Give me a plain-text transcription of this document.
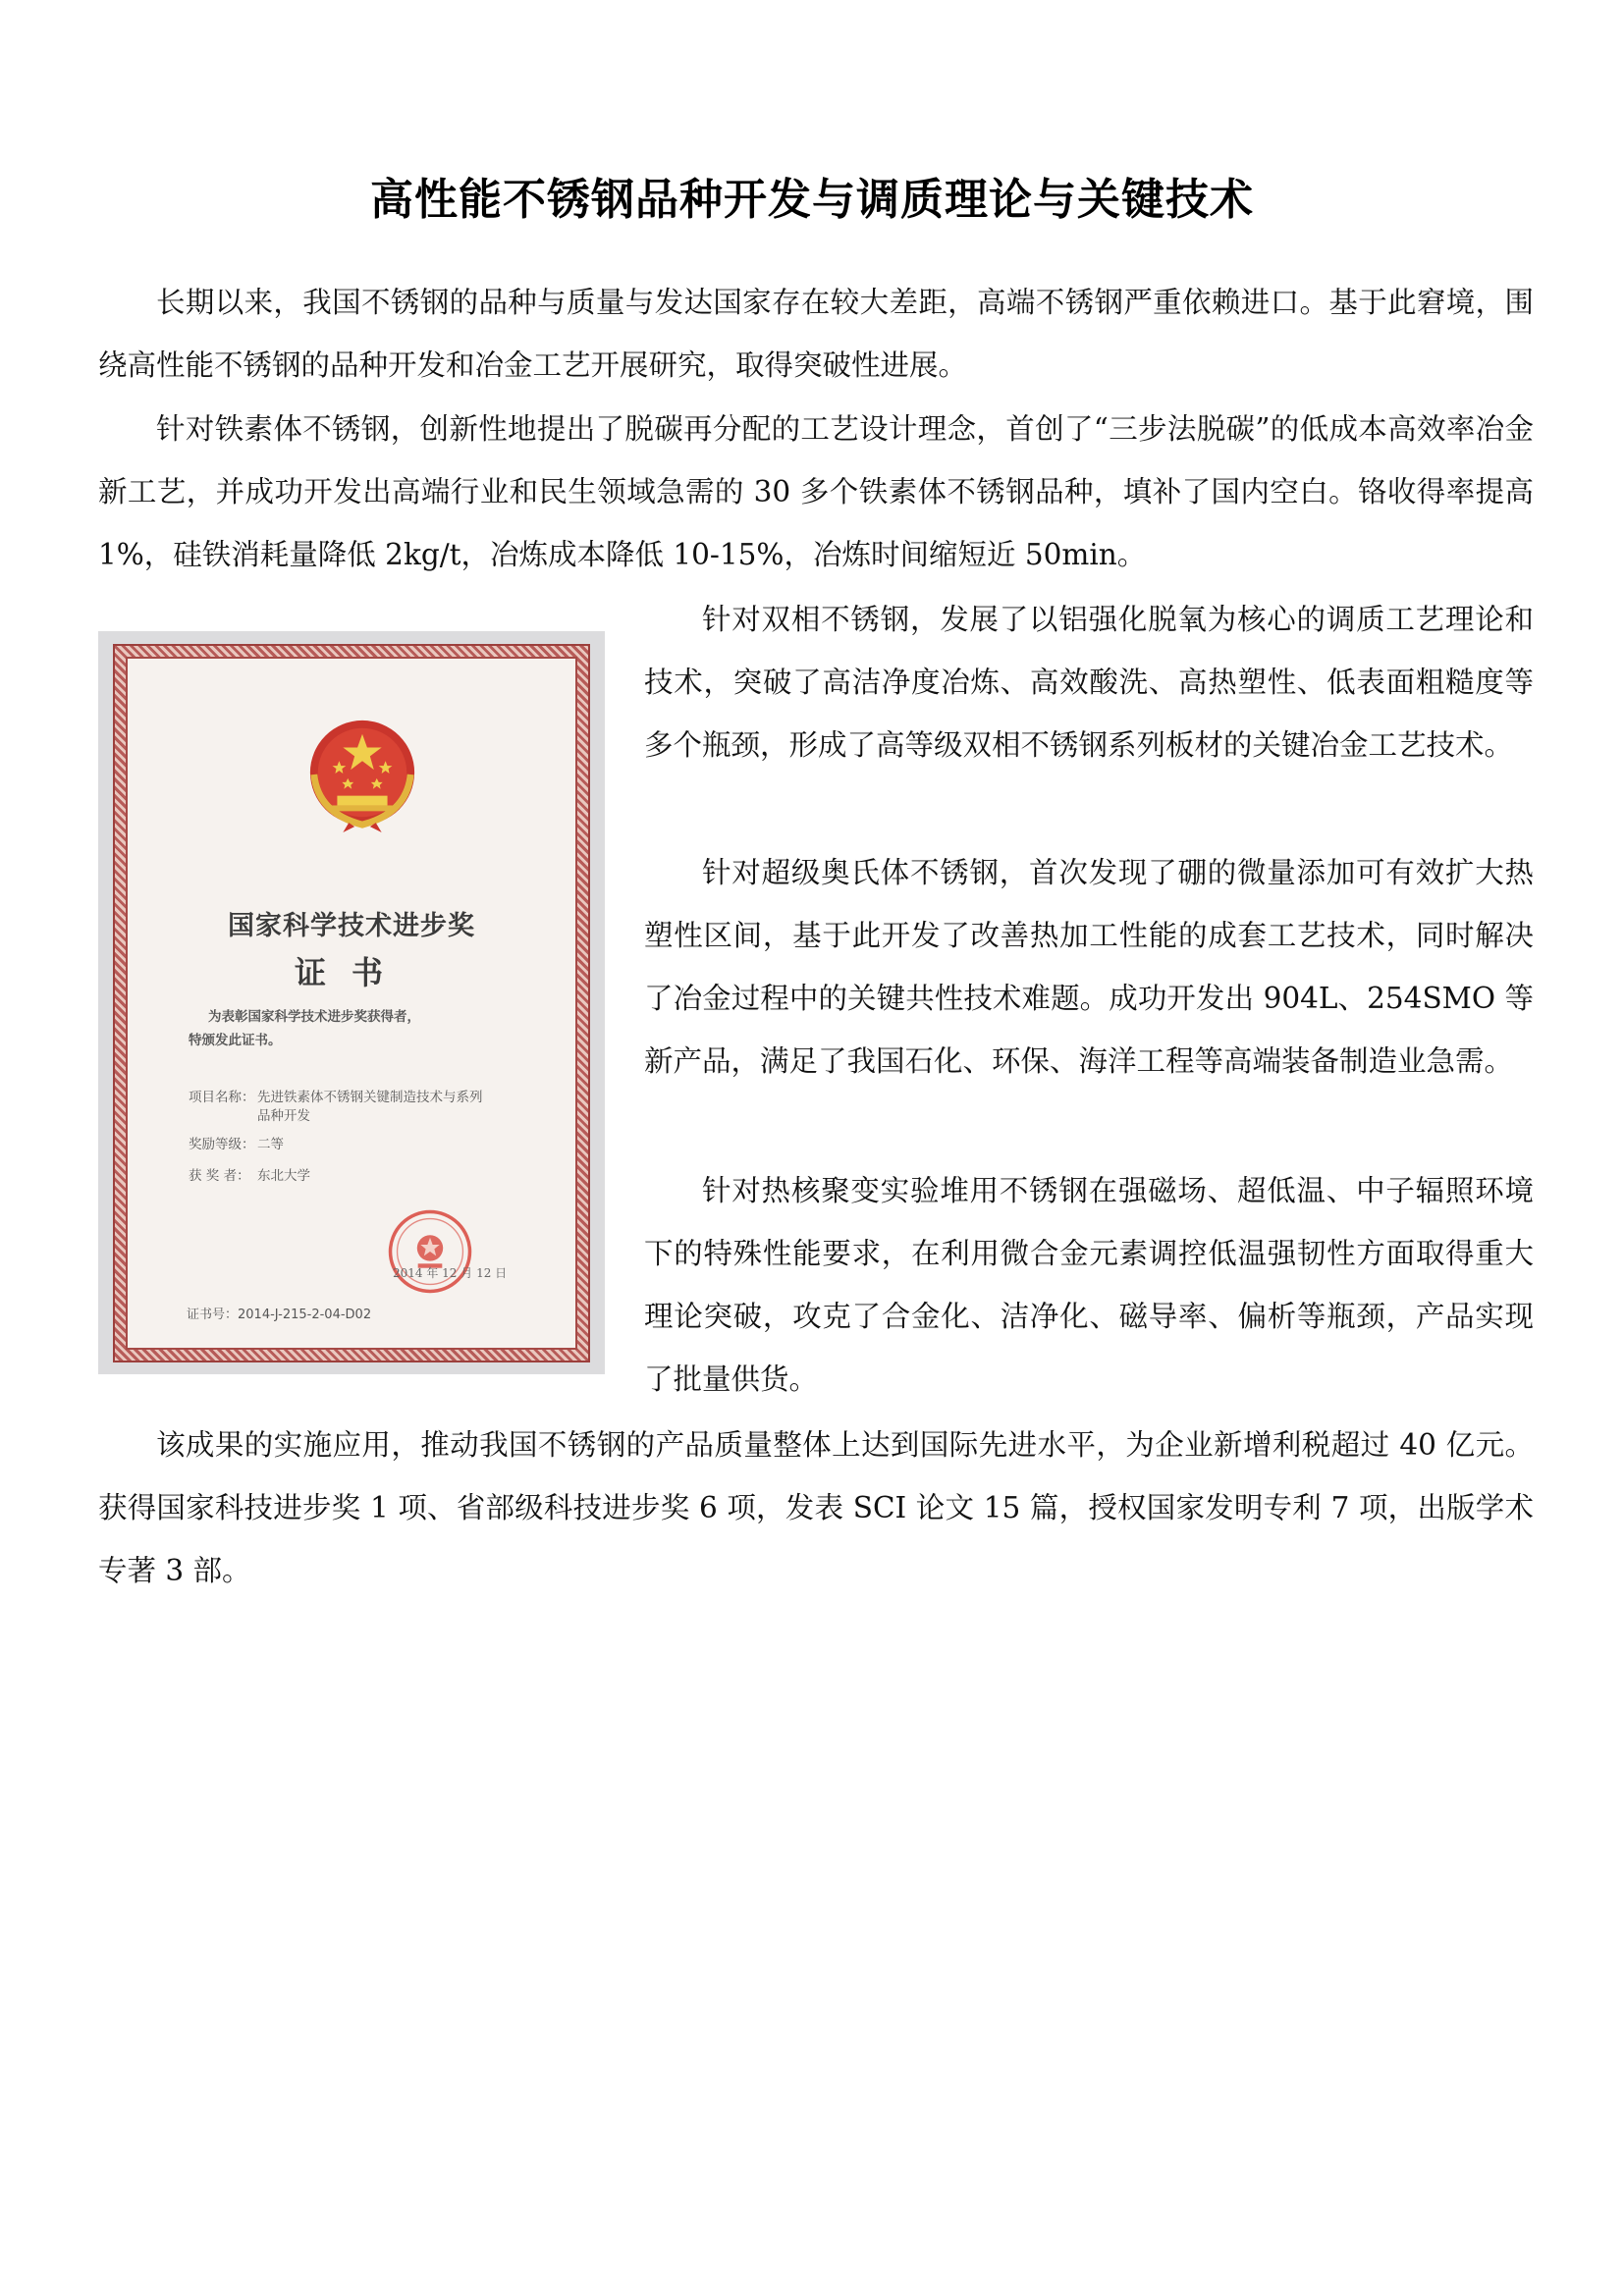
高性能不锈钢品种开发与调质理论与关键技术

长期以来，我国不锈钢的品种与质量与发达国家存在较大差距，高端不锈钢严重依赖进口。基于此窘境，围绕高性能不锈钢的品种开发和冶金工艺开展研究，取得突破性进展。

针对铁素体不锈钢，创新性地提出了脱碳再分配的工艺设计理念，首创了“三步法脱碳”的低成本高效率冶金新工艺，并成功开发出高端行业和民生领域急需的 30 多个铁素体不锈钢品种，填补了国内空白。铬收得率提高 1%，硅铁消耗量降低 2kg/t，冶炼成本降低 10-15%，冶炼时间缩短近 50min。

国家科学技术进步奖
证书
为表彰国家科学技术进步奖获得者，
特颁发此证书。
项目名称： 先进铁素体不锈钢关键制造技术与系列品种开发
奖励等级： 二等
获 奖 者： 东北大学
2014 年 12 月 12 日
证书号：2014-J-215-2-04-D02

针对双相不锈钢，发展了以铝强化脱氧为核心的调质工艺理论和技术，突破了高洁净度冶炼、高效酸洗、高热塑性、低表面粗糙度等多个瓶颈，形成了高等级双相不锈钢系列板材的关键冶金工艺技术。

针对超级奥氏体不锈钢，首次发现了硼的微量添加可有效扩大热塑性区间，基于此开发了改善热加工性能的成套工艺技术，同时解决了冶金过程中的关键共性技术难题。成功开发出 904L、254SMO 等新产品，满足了我国石化、环保、海洋工程等高端装备制造业急需。

针对热核聚变实验堆用不锈钢在强磁场、超低温、中子辐照环境下的特殊性能要求，在利用微合金元素调控低温强韧性方面取得重大理论突破，攻克了合金化、洁净化、磁导率、偏析等瓶颈，产品实现了批量供货。

该成果的实施应用，推动我国不锈钢的产品质量整体上达到国际先进水平，为企业新增利税超过 40 亿元。获得国家科技进步奖 1 项、省部级科技进步奖 6 项，发表 SCI 论文 15 篇，授权国家发明专利 7 项，出版学术专著 3 部。
